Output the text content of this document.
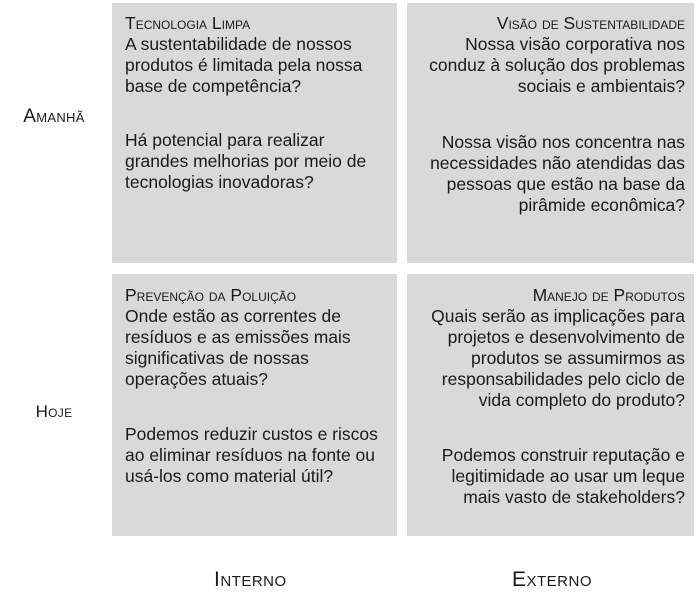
Amanhã
Hoje
Tecnologia Limpa

A sustentabilidade de nossos produtos é limitada pela nossa base de competência?

Há potencial para realizar grandes melhorias por meio de tecnologias inovadoras?

Visão de Sustentabilidade

Nossa visão corporativa nos conduz à solução dos problemas sociais e ambientais?

Nossa visão nos concentra nas necessidades não atendidas das pessoas que estão na base da pirâmide econômica?

Prevenção da Poluição

Onde estão as correntes de resíduos e as emissões mais significativas de nossas operações atuais?

Podemos reduzir custos e riscos ao eliminar resíduos na fonte ou usá-los como material útil?

Manejo de Produtos

Quais serão as implicações para projetos e desenvolvimento de produtos se assumirmos as responsabilidades pelo ciclo de vida completo do produto?

Podemos construir reputação e legitimidade ao usar um leque mais vasto de stakeholders?

Interno	Externo
